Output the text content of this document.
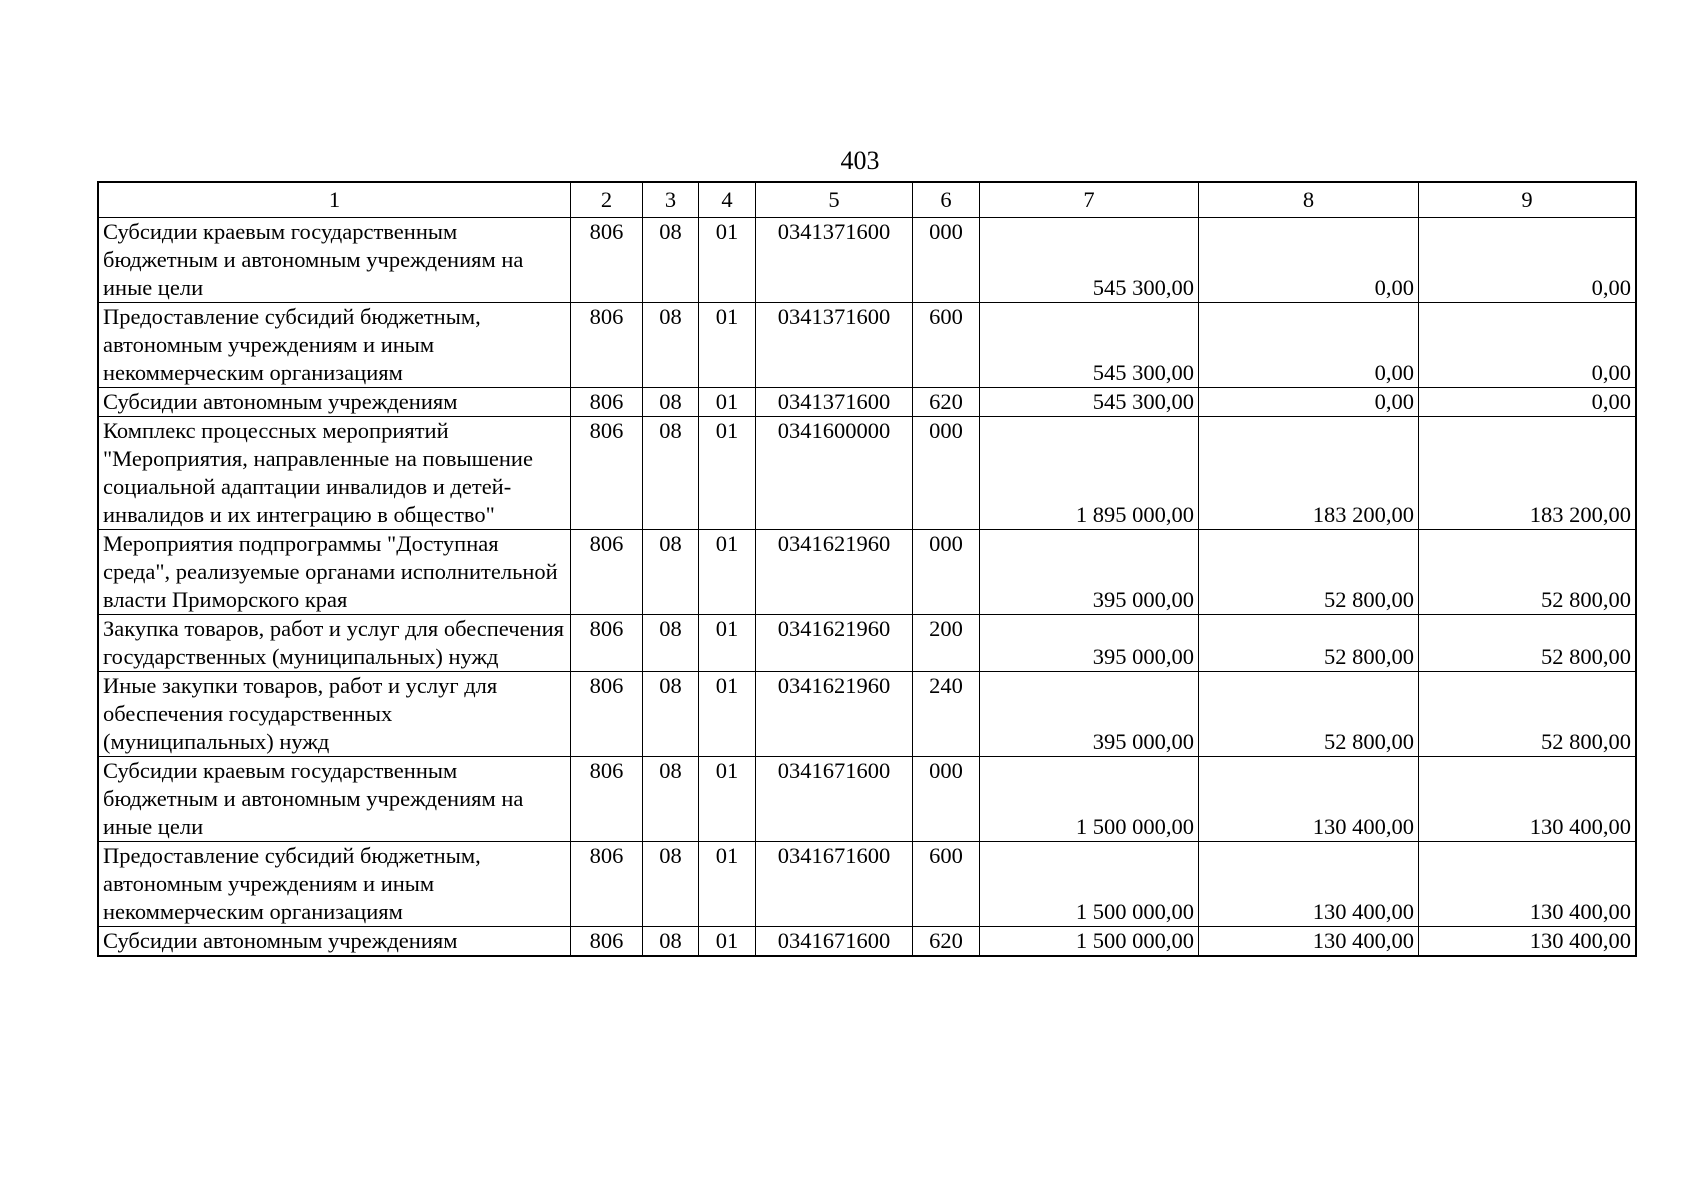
403
1	2	3	4	5	6	7	8	9
Субсидии краевым государственным бюджетным и автономным учреждениям на иные цели	806	08	01	0341371600	000	545 300,00	0,00	0,00
Предоставление субсидий бюджетным, автономным учреждениям и иным некоммерческим организациям	806	08	01	0341371600	600	545 300,00	0,00	0,00
Субсидии автономным учреждениям	806	08	01	0341371600	620	545 300,00	0,00	0,00
Комплекс процессных мероприятий "Мероприятия, направленные на повышение социальной адаптации инвалидов и детей-инвалидов и их интеграцию в общество"	806	08	01	0341600000	000	1 895 000,00	183 200,00	183 200,00
Мероприятия подпрограммы "Доступная среда", реализуемые органами исполнительной власти Приморского края	806	08	01	0341621960	000	395 000,00	52 800,00	52 800,00
Закупка товаров, работ и услуг для обеспечения государственных (муниципальных) нужд	806	08	01	0341621960	200	395 000,00	52 800,00	52 800,00
Иные закупки товаров, работ и услуг для обеспечения государственных (муниципальных) нужд	806	08	01	0341621960	240	395 000,00	52 800,00	52 800,00
Субсидии краевым государственным бюджетным и автономным учреждениям на иные цели	806	08	01	0341671600	000	1 500 000,00	130 400,00	130 400,00
Предоставление субсидий бюджетным, автономным учреждениям и иным некоммерческим организациям	806	08	01	0341671600	600	1 500 000,00	130 400,00	130 400,00
Субсидии автономным учреждениям	806	08	01	0341671600	620	1 500 000,00	130 400,00	130 400,00
